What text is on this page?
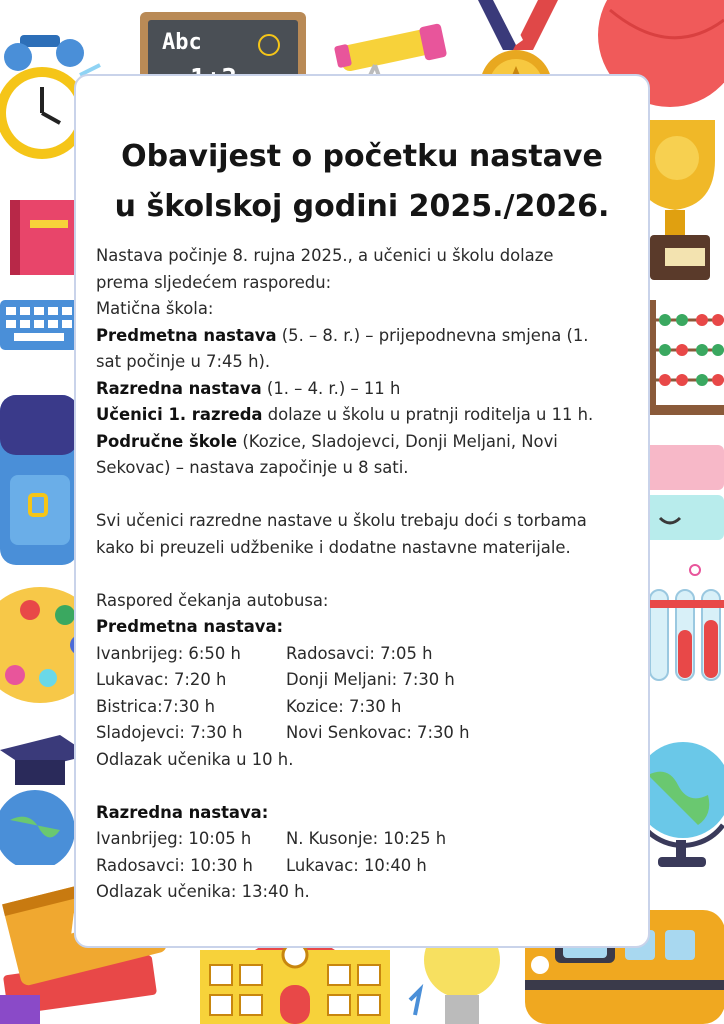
Abc
Obavijest o početku nastave
u školskoj godini 2025./2026.

Nastava počinje 8. rujna 2025., a učenici u školu dolaze

prema sljedećem rasporedu:

Matična škola:

Predmetna nastava (5. – 8. r.) – prijepodnevna smjena (1.

sat počinje u 7:45 h).

Razredna nastava (1. – 4. r.) – 11 h

Učenici 1. razreda dolaze u školu u pratnji roditelja u 11 h.

Područne škole (Kozice, Sladojevci, Donji Meljani, Novi

Sekovac) – nastava započinje u 8 sati.

Svi učenici razredne nastave u školu trebaju doći s torbama

kako bi preuzeli udžbenike i dodatne nastavne materijale.

Raspored čekanja autobusa:

Predmetna nastava:

Ivanbrijeg: 6:50 h	Radosavci: 7:05 h
Lukavac: 7:20 h	Donji Meljani: 7:30 h
Bistrica:7:30 h	Kozice: 7:30 h
Sladojevci: 7:30 h	Novi Senkovac: 7:30 h

Odlazak učenika u 10 h.

Razredna nastava:

Ivanbrijeg: 10:05 h	N. Kusonje: 10:25 h
Radosavci: 10:30 h	Lukavac: 10:40 h

Odlazak učenika: 13:40 h.
